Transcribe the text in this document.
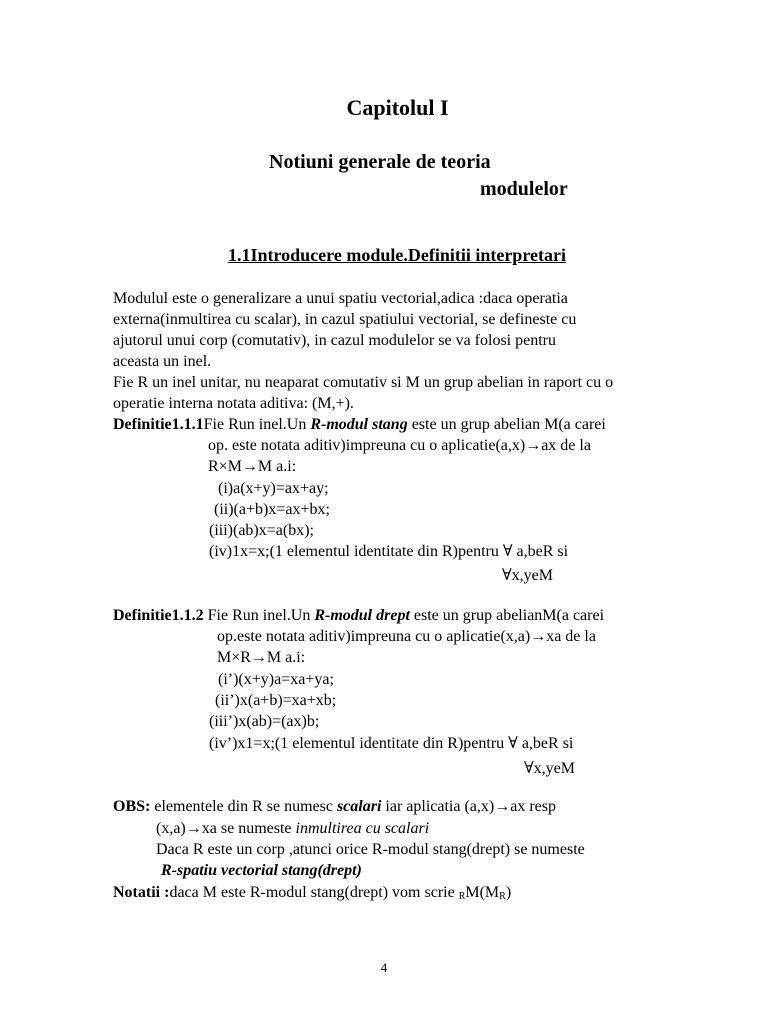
Capitolul I
Notiuni generale de teoria
modulelor
1.1Introducere module.Definitii interpretari
Modulul este o generalizare a unui spatiu vectorial,adica :daca operatia
externa(inmultirea cu scalar), in cazul spatiului vectorial, se defineste cu
ajutorul unui corp (comutativ), in cazul modulelor se va folosi pentru
aceasta un inel.
Fie R un inel unitar, nu neaparat comutativ si M un grup abelian in raport cu o
operatie interna notata aditiva: (M,+).
Definitie1.1.1Fie Run inel.Un R-modul stang este un grup abelian M(a carei
op. este notata aditiv)impreuna cu o aplicatie(a,x)→ax de la
R×M→M a.i:
(i)a(x+y)=ax+ay;
(ii)(a+b)x=ax+bx;
(iii)(ab)x=a(bx);
(iv)1x=x;(1 elementul identitate din R)pentru ∀ a,beR si
∀x,yeM
Definitie1.1.2 Fie Run inel.Un R-modul drept este un grup abelianM(a carei
op.este notata aditiv)impreuna cu o aplicatie(x,a)→xa de la
M×R→M a.i:
(i’)(x+y)a=xa+ya;
(ii’)x(a+b)=xa+xb;
(iii’)x(ab)=(ax)b;
(iv’)x1=x;(1 elementul identitate din R)pentru ∀ a,beR si
∀x,yeM
OBS: elementele din R se numesc scalari iar aplicatia (a,x)→ax resp
(x,a)→xa se numeste inmultirea cu scalari
Daca R este un corp ,atunci orice R-modul stang(drept) se numeste
R-spatiu vectorial stang(drept)
Notatii :daca M este R-modul stang(drept) vom scrie $_RM(M_R)$
4
